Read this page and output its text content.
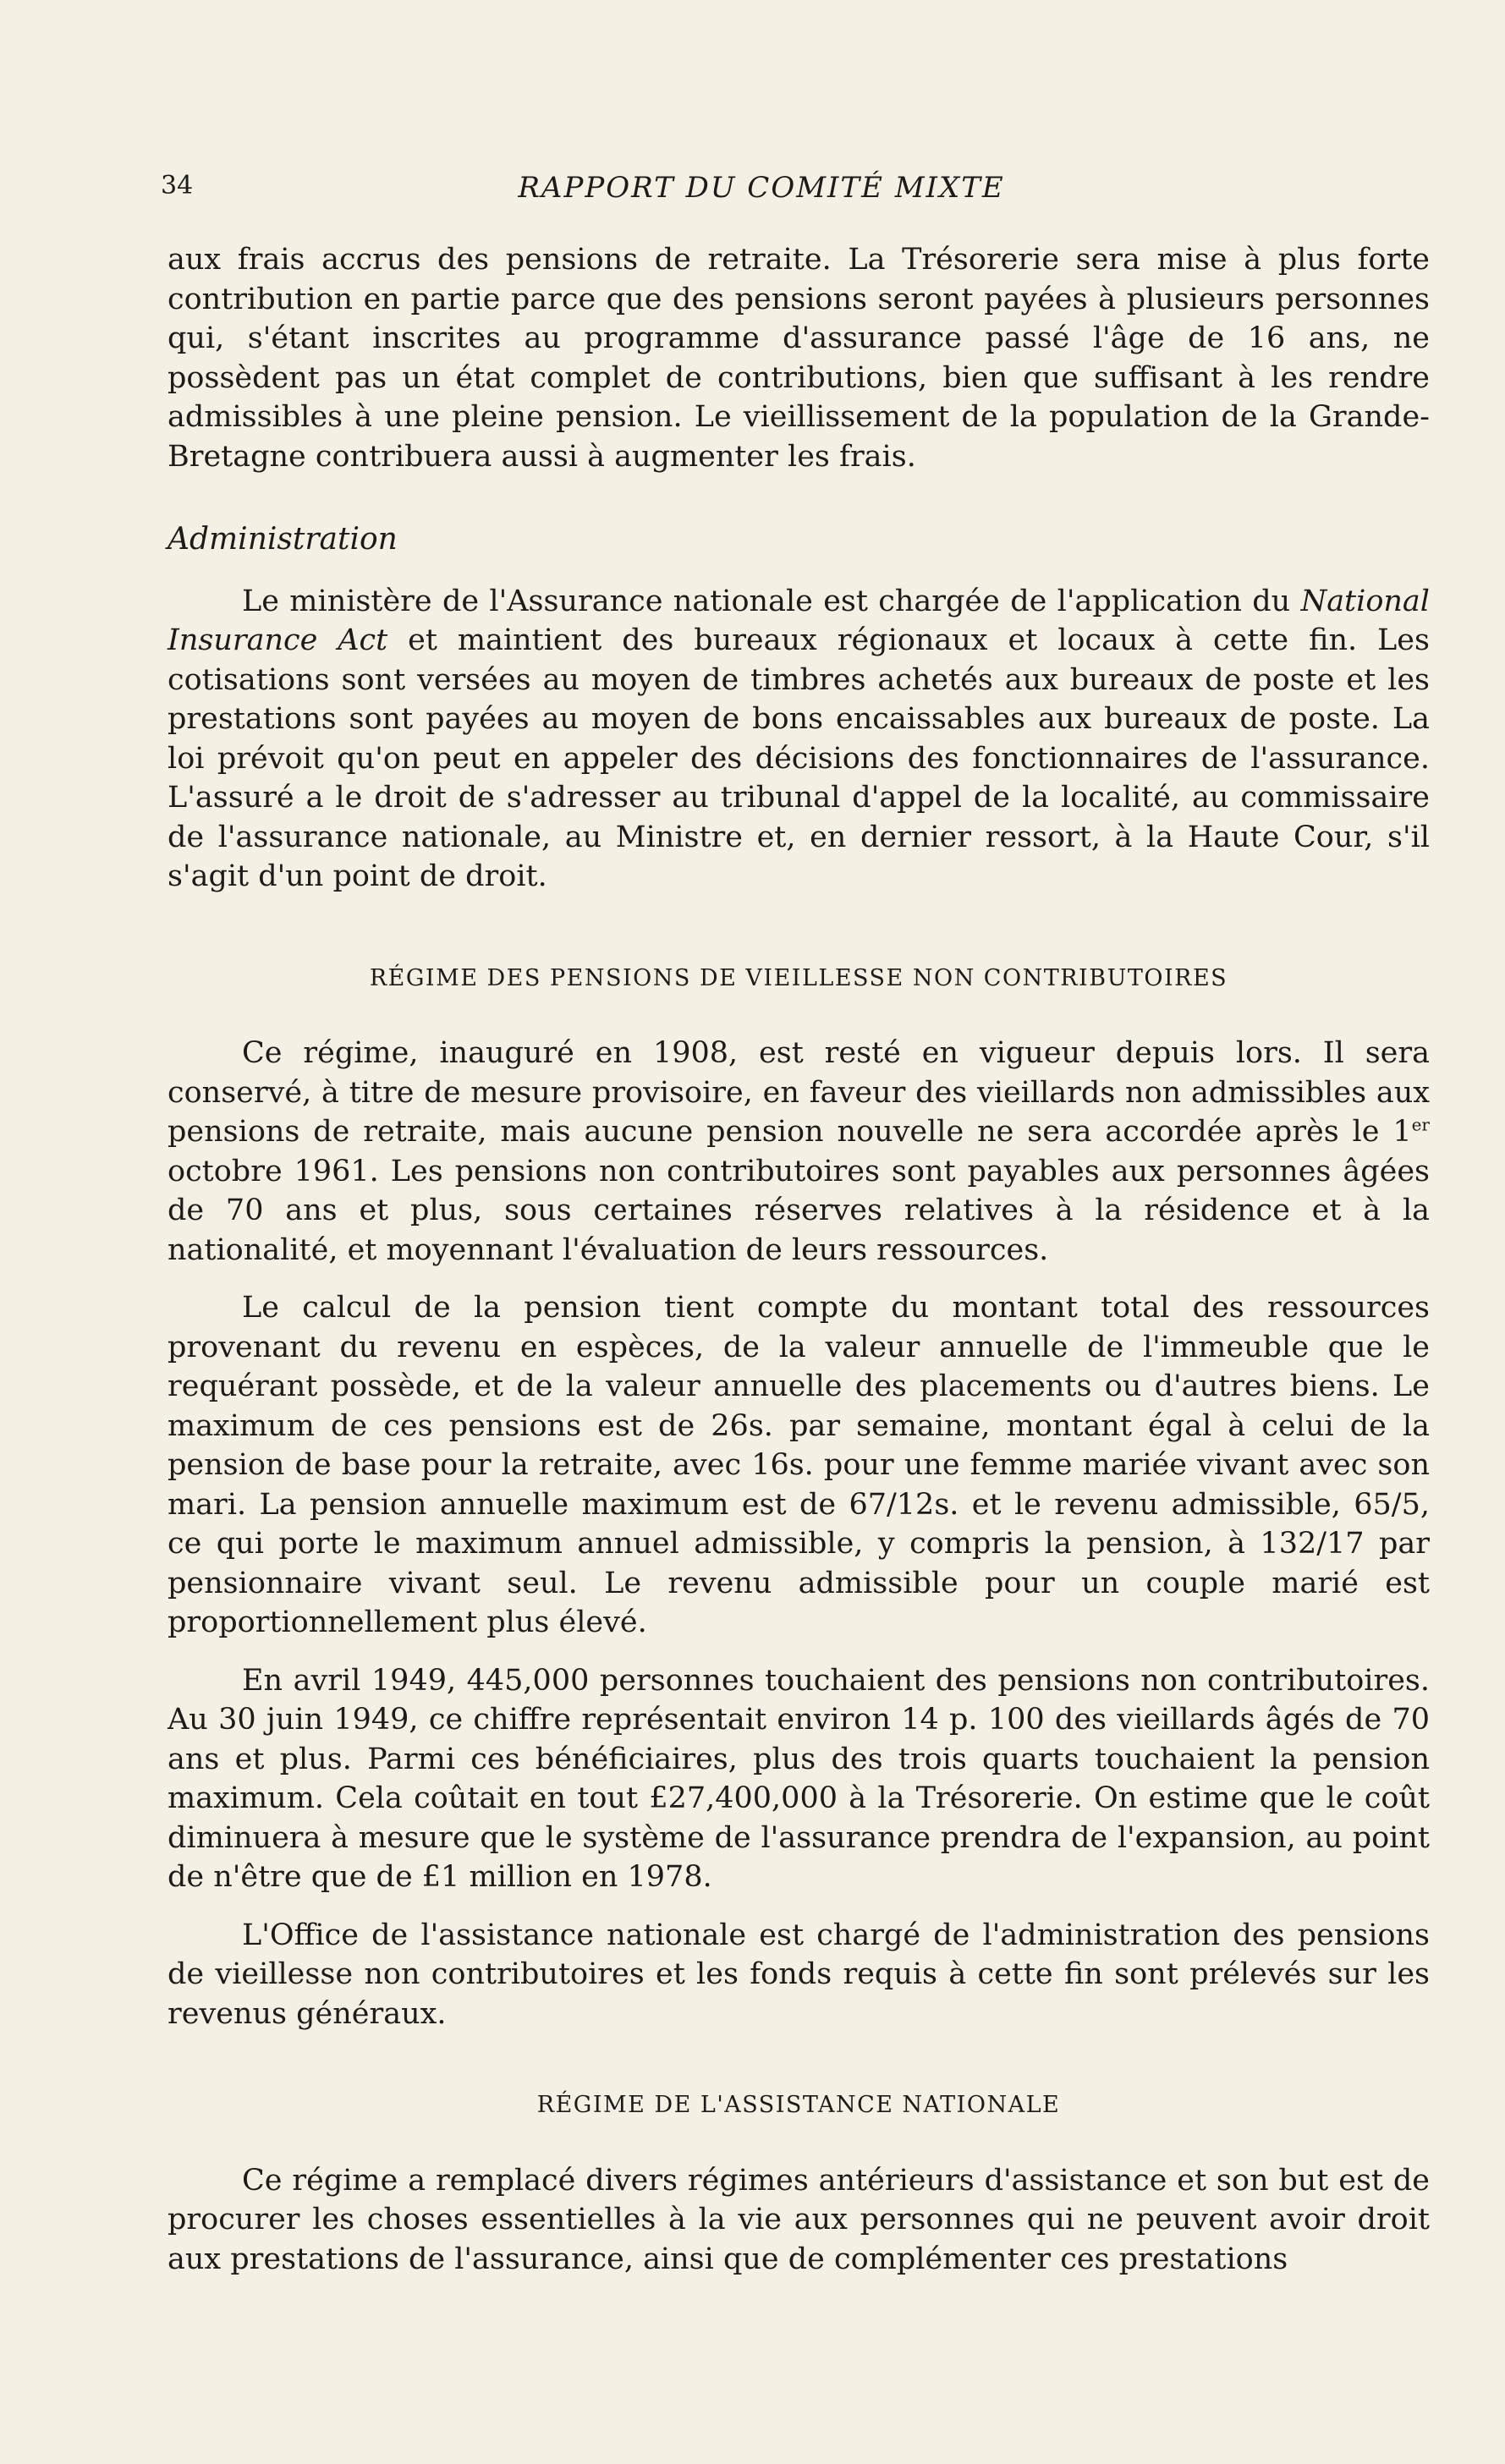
34	RAPPORT DU COMITÉ MIXTE

aux frais accrus des pensions de retraite. La Trésorerie sera mise à plus forte contribution en partie parce que des pensions seront payées à plusieurs personnes qui, s'étant inscrites au programme d'assurance passé l'âge de 16 ans, ne possèdent pas un état complet de contributions, bien que suffisant à les rendre admissibles à une pleine pension. Le vieillissement de la population de la Grande-Bretagne contribuera aussi à augmenter les frais.

Administration

Le ministère de l'Assurance nationale est chargée de l'application du National Insurance Act et maintient des bureaux régionaux et locaux à cette fin. Les cotisations sont versées au moyen de timbres achetés aux bureaux de poste et les prestations sont payées au moyen de bons encaissables aux bureaux de poste. La loi prévoit qu'on peut en appeler des décisions des fonctionnaires de l'assurance. L'assuré a le droit de s'adresser au tribunal d'appel de la localité, au commissaire de l'assurance nationale, au Ministre et, en dernier ressort, à la Haute Cour, s'il s'agit d'un point de droit.

RÉGIME DES PENSIONS DE VIEILLESSE NON CONTRIBUTOIRES

Ce régime, inauguré en 1908, est resté en vigueur depuis lors. Il sera conservé, à titre de mesure provisoire, en faveur des vieillards non admissibles aux pensions de retraite, mais aucune pension nouvelle ne sera accordée après le 1er octobre 1961. Les pensions non contributoires sont payables aux personnes âgées de 70 ans et plus, sous certaines réserves relatives à la résidence et à la nationalité, et moyennant l'évaluation de leurs ressources.

Le calcul de la pension tient compte du montant total des ressources provenant du revenu en espèces, de la valeur annuelle de l'immeuble que le requérant possède, et de la valeur annuelle des placements ou d'autres biens. Le maximum de ces pensions est de 26s. par semaine, montant égal à celui de la pension de base pour la retraite, avec 16s. pour une femme mariée vivant avec son mari. La pension annuelle maximum est de 67/12s. et le revenu admissible, 65/5, ce qui porte le maximum annuel admissible, y compris la pension, à 132/17 par pensionnaire vivant seul. Le revenu admissible pour un couple marié est proportionnellement plus élevé.

En avril 1949, 445,000 personnes touchaient des pensions non contributoires. Au 30 juin 1949, ce chiffre représentait environ 14 p. 100 des vieillards âgés de 70 ans et plus. Parmi ces bénéficiaires, plus des trois quarts touchaient la pension maximum. Cela coûtait en tout £27,400,000 à la Trésorerie. On estime que le coût diminuera à mesure que le système de l'assurance prendra de l'expansion, au point de n'être que de £1 million en 1978.

L'Office de l'assistance nationale est chargé de l'administration des pensions de vieillesse non contributoires et les fonds requis à cette fin sont prélevés sur les revenus généraux.

RÉGIME DE L'ASSISTANCE NATIONALE

Ce régime a remplacé divers régimes antérieurs d'assistance et son but est de procurer les choses essentielles à la vie aux personnes qui ne peuvent avoir droit aux prestations de l'assurance, ainsi que de complémenter ces prestations
